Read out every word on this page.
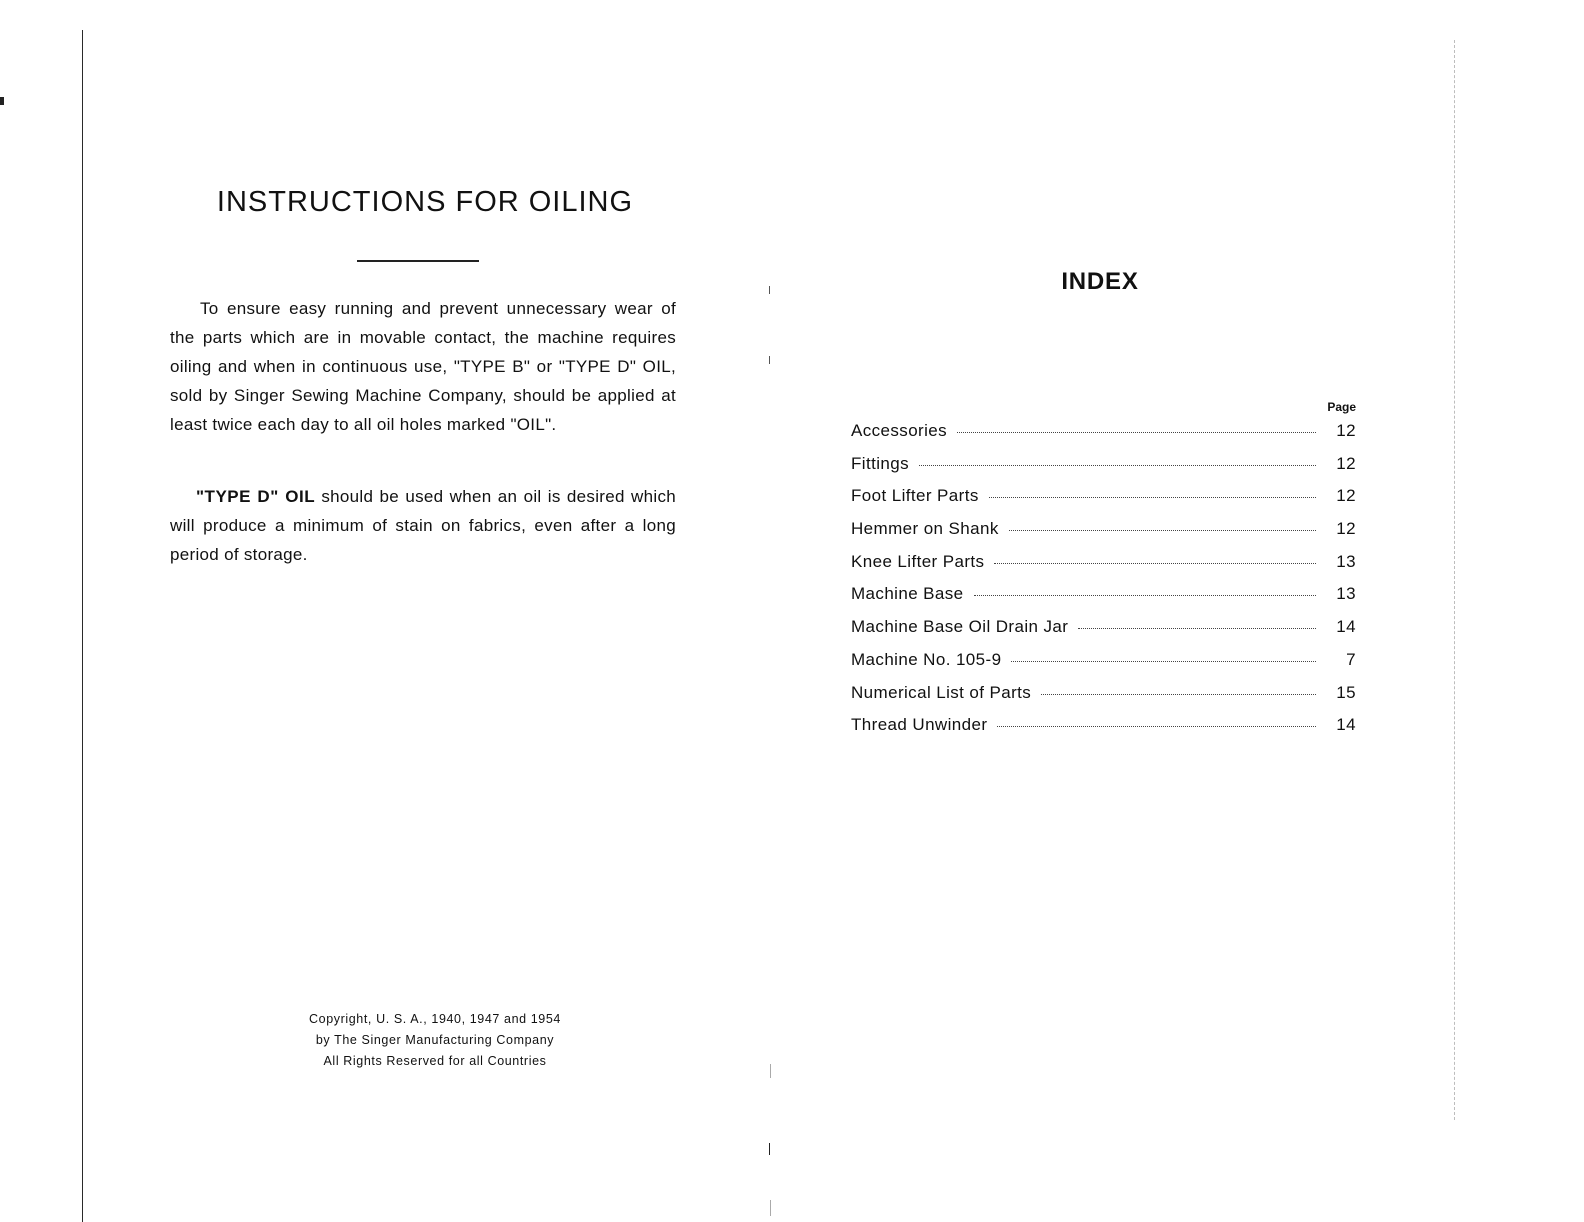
INSTRUCTIONS FOR OILING

To ensure easy running and prevent unnecessary wear of the parts which are in movable contact, the machine requires oiling and when in continuous use, "TYPE B" or "TYPE D" OIL, sold by Singer Sewing Machine Company, should be applied at least twice each day to all oil holes marked "OIL".

"TYPE D" OIL should be used when an oil is desired which will produce a minimum of stain on fabrics, even after a long period of storage.

Copyright, U. S. A., 1940, 1947 and 1954
by The Singer Manufacturing Company
All Rights Reserved for all Countries
INDEX
Page
Accessories	12
Fittings	12
Foot Lifter Parts	12
Hemmer on Shank	12
Knee Lifter Parts	13
Machine Base	13
Machine Base Oil Drain Jar	14
Machine No. 105-9	7
Numerical List of Parts	15
Thread Unwinder	14
